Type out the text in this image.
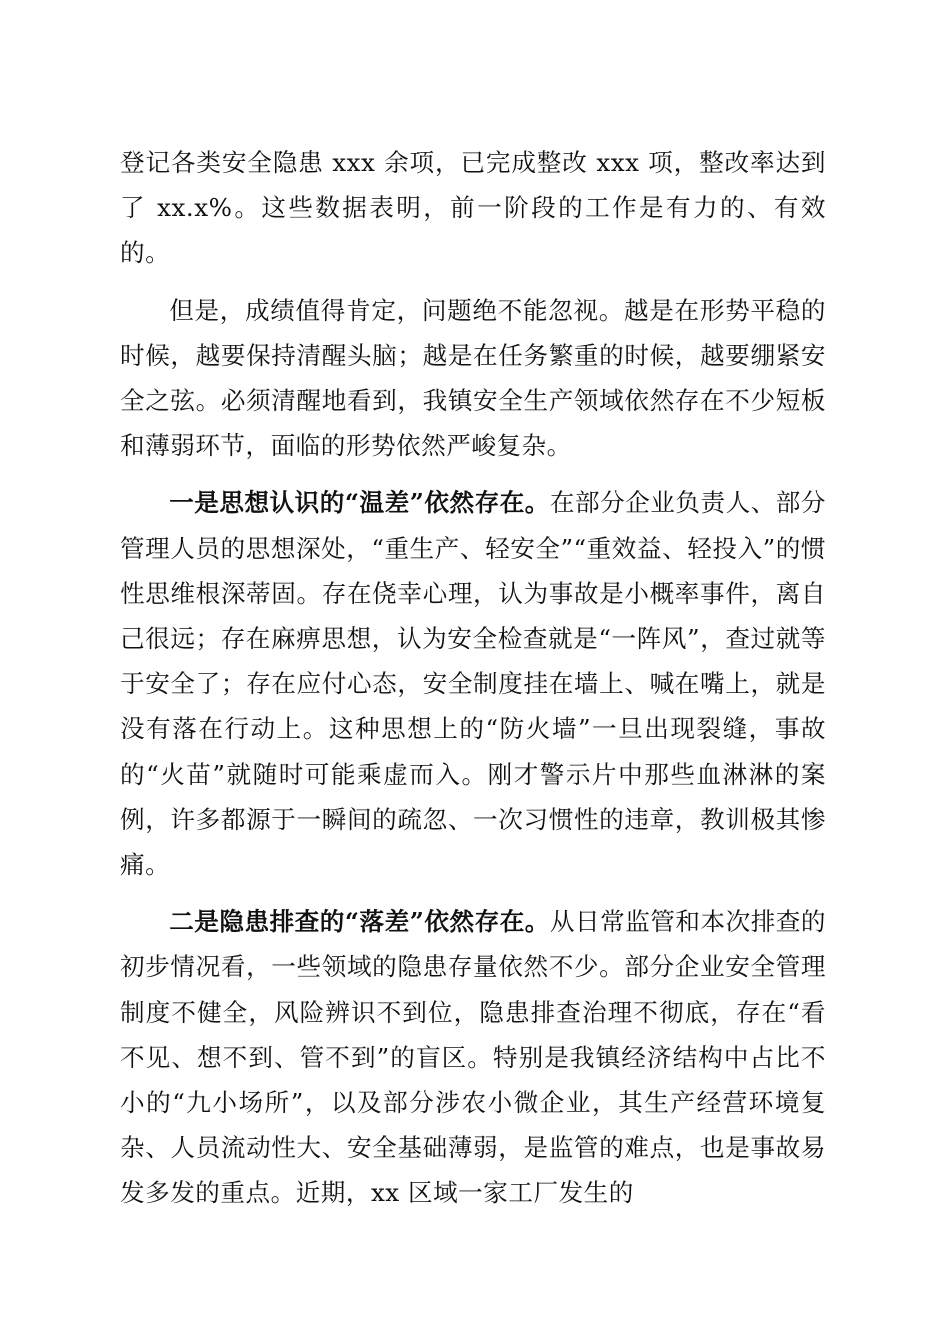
登记各类安全隐患 xxx 余项，已完成整改 xxx 项，整改率达到了 xx.x%。这些数据表明，前一阶段的工作是有力的、有效的。

但是，成绩值得肯定，问题绝不能忽视。越是在形势平稳的时候，越要保持清醒头脑；越是在任务繁重的时候，越要绷紧安全之弦。必须清醒地看到，我镇安全生产领域依然存在不少短板和薄弱环节，面临的形势依然严峻复杂。

一是思想认识的“温差”依然存在。在部分企业负责人、部分管理人员的思想深处，“重生产、轻安全”“重效益、轻投入”的惯性思维根深蒂固。存在侥幸心理，认为事故是小概率事件，离自己很远；存在麻痹思想，认为安全检查就是“一阵风”，查过就等于安全了；存在应付心态，安全制度挂在墙上、喊在嘴上，就是没有落在行动上。这种思想上的“防火墙”一旦出现裂缝，事故的“火苗”就随时可能乘虚而入。刚才警示片中那些血淋淋的案例，许多都源于一瞬间的疏忽、一次习惯性的违章，教训极其惨痛。

二是隐患排查的“落差”依然存在。从日常监管和本次排查的初步情况看，一些领域的隐患存量依然不少。部分企业安全管理制度不健全，风险辨识不到位，隐患排查治理不彻底，存在“看不见、想不到、管不到”的盲区。特别是我镇经济结构中占比不小的“九小场所”，以及部分涉农小微企业，其生产经营环境复杂、人员流动性大、安全基础薄弱，是监管的难点，也是事故易发多发的重点。近期，xx 区域一家工厂发生的
